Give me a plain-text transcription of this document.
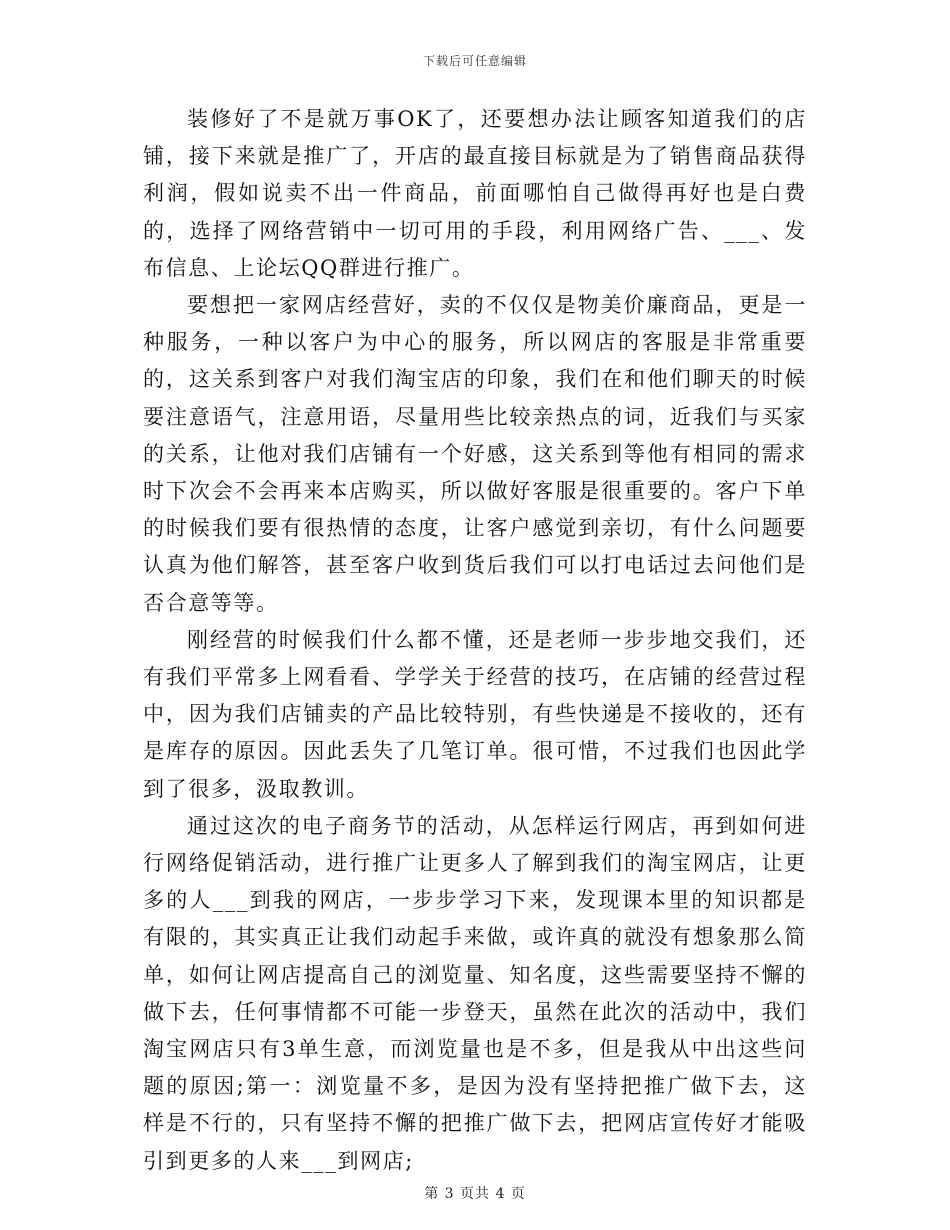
下载后可任意编辑

装修好了不是就万事OK了，还要想办法让顾客知道我们的店铺，接下来就是推广了，开店的最直接目标就是为了销售商品获得利润，假如说卖不出一件商品，前面哪怕自己做得再好也是白费的，选择了网络营销中一切可用的手段，利用网络广告、___、发布信息、上论坛QQ群进行推广。

要想把一家网店经营好，卖的不仅仅是物美价廉商品，更是一种服务，一种以客户为中心的服务，所以网店的客服是非常重要的，这关系到客户对我们淘宝店的印象，我们在和他们聊天的时候要注意语气，注意用语，尽量用些比较亲热点的词，近我们与买家的关系，让他对我们店铺有一个好感，这关系到等他有相同的需求时下次会不会再来本店购买，所以做好客服是很重要的。客户下单的时候我们要有很热情的态度，让客户感觉到亲切，有什么问题要认真为他们解答，甚至客户收到货后我们可以打电话过去问他们是否合意等等。

刚经营的时候我们什么都不懂，还是老师一步步地交我们，还有我们平常多上网看看、学学关于经营的技巧，在店铺的经营过程中，因为我们店铺卖的产品比较特别，有些快递是不接收的，还有是库存的原因。因此丢失了几笔订单。很可惜，不过我们也因此学到了很多，汲取教训。

通过这次的电子商务节的活动，从怎样运行网店，再到如何进行网络促销活动，进行推广让更多人了解到我们的淘宝网店，让更多的人___到我的网店，一步步学习下来，发现课本里的知识都是有限的，其实真正让我们动起手来做，或许真的就没有想象那么简单，如何让网店提高自己的浏览量、知名度，这些需要坚持不懈的做下去，任何事情都不可能一步登天，虽然在此次的活动中，我们淘宝网店只有3单生意，而浏览量也是不多，但是我从中出这些问题的原因;第一：浏览量不多，是因为没有坚持把推广做下去，这样是不行的，只有坚持不懈的把推广做下去，把网店宣传好才能吸引到更多的人来___到网店;

第 3 页共 4 页
